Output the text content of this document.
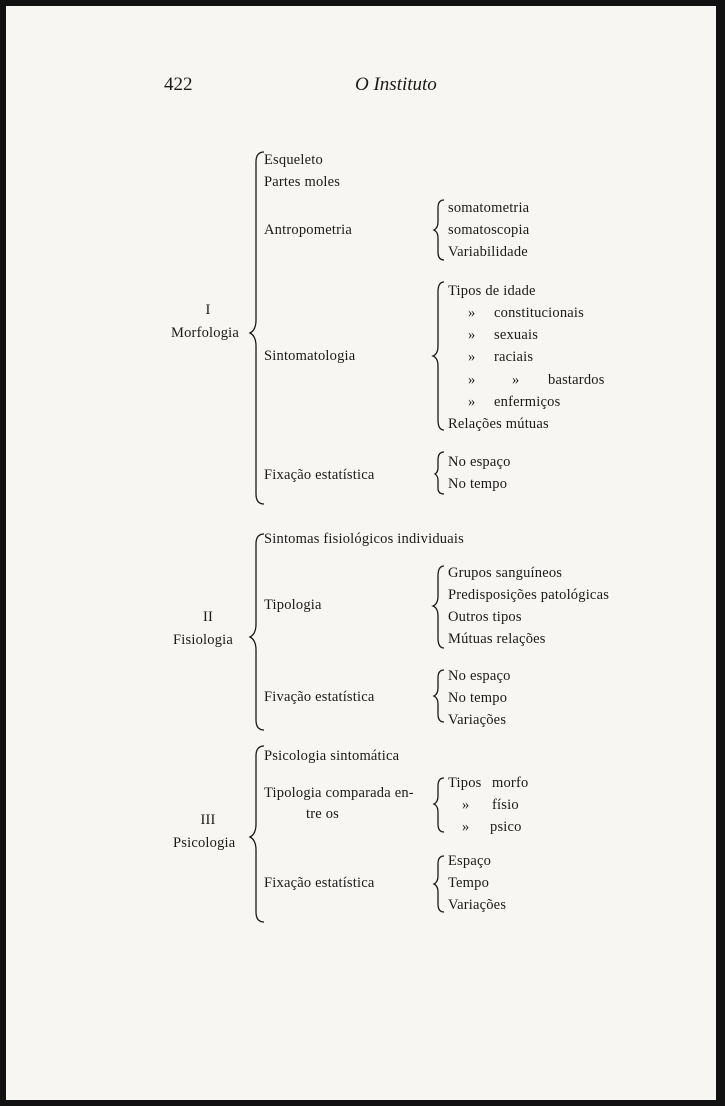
422	O Instituto
I
Morfologia
Esqueleto
Partes moles
Antropometria
somatometria
somatoscopia
Variabilidade
Sintomatologia
Tipos de idade
» constitucionais
» sexuais
» raciais
»	» bastardos
» enfermiços
Relações mútuas
Fixação estatística
No espaço
No tempo
II
Fisiologia
Sintomas fisiológicos individuais
Tipologia
Grupos sanguíneos
Predisposições patológicas
Outros tipos
Mútuas relações
Fivação estatística
No espaço
No tempo
Variações
III
Psicologia
Psicologia sintomática
Tipologia comparada en-
tre os
Tipos morfo
» físio
» psico
Fixação estatística
Espaço
Tempo
Variações
